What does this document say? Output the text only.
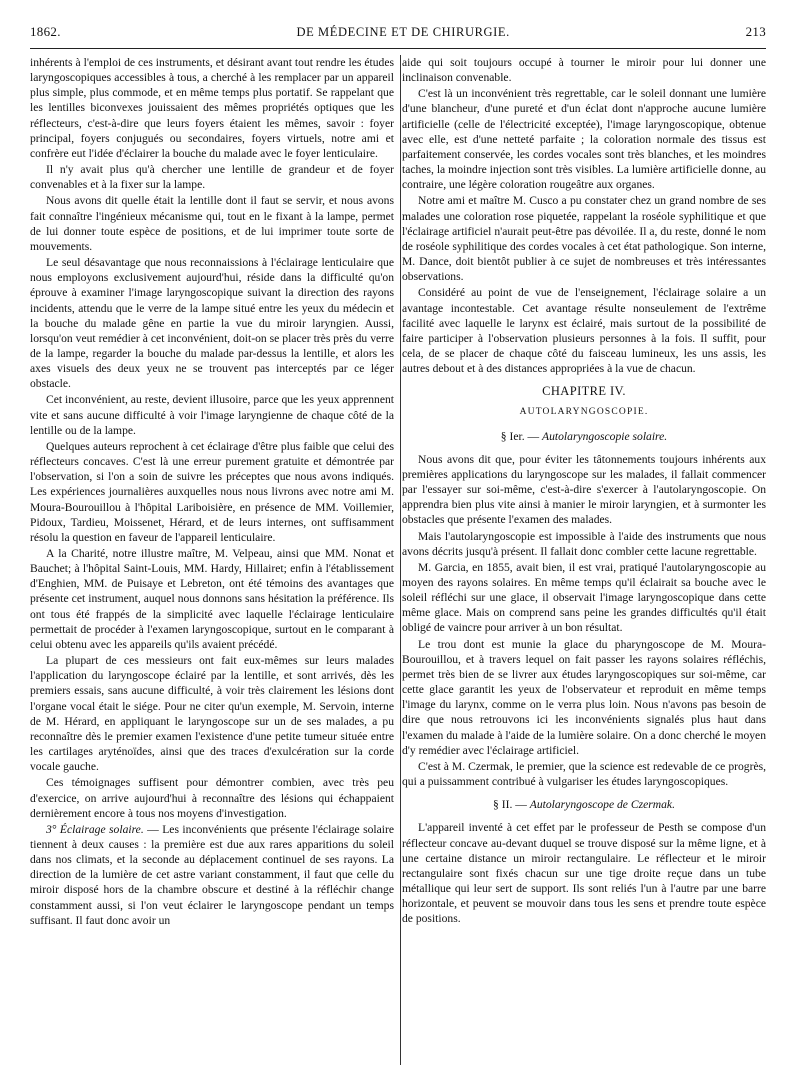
1862.	DE MÉDECINE ET DE CHIRURGIE.	213

inhérents à l'emploi de ces instruments, et désirant avant tout rendre les études laryngoscopiques accessibles à tous, a cherché à les remplacer par un appareil plus simple, plus commode, et en même temps plus portatif. Se rappelant que les lentilles biconvexes jouissaient des mêmes propriétés optiques que les réflecteurs, c'est-à-dire que leurs foyers étaient les mêmes, savoir : foyer principal, foyers conjugués ou secondaires, foyers virtuels, notre ami et confrère eut l'idée d'éclairer la bouche du malade avec le foyer lenticulaire.

Il n'y avait plus qu'à chercher une lentille de grandeur et de foyer convenables et à la fixer sur la lampe.

Nous avons dit quelle était la lentille dont il faut se servir, et nous avons fait connaître l'ingénieux mécanisme qui, tout en le fixant à la lampe, permet de lui donner toute espèce de positions, et de lui imprimer toute sorte de mouvements.

Le seul désavantage que nous reconnaissions à l'éclairage lenticulaire que nous employons exclusivement aujourd'hui, réside dans la difficulté qu'on éprouve à examiner l'image laryngoscopique suivant la direction des rayons incidents, attendu que le verre de la lampe situé entre les yeux du médecin et la bouche du malade gêne en partie la vue du miroir laryngien. Aussi, lorsqu'on veut remédier à cet inconvénient, doit-on se placer très près du verre de la lampe, regarder la bouche du malade par-dessus la lentille, et alors les axes visuels des deux yeux ne se trouvent pas interceptés par ce léger obstacle.

Cet inconvénient, au reste, devient illusoire, parce que les yeux apprennent vite et sans aucune difficulté à voir l'image laryngienne de chaque côté de la lentille ou de la lampe.

Quelques auteurs reprochent à cet éclairage d'être plus faible que celui des réflecteurs concaves. C'est là une erreur purement gratuite et démontrée par l'observation, si l'on a soin de suivre les préceptes que nous avons indiqués. Les expériences journalières auxquelles nous nous livrons avec notre ami M. Moura-Bourouillou à l'hôpital Lariboisière, en présence de MM. Voillemier, Pidoux, Tardieu, Moissenet, Hérard, et de leurs internes, ont suffisamment résolu la question en faveur de l'appareil lenticulaire.

A la Charité, notre illustre maître, M. Velpeau, ainsi que MM. Nonat et Bauchet; à l'hôpital Saint-Louis, MM. Hardy, Hillairet; enfin à l'établissement d'Enghien, MM. de Puisaye et Lebreton, ont été témoins des avantages que présente cet instrument, auquel nous donnons sans hésitation la préférence. Ils ont tous été frappés de la simplicité avec laquelle l'éclairage lenticulaire permettait de procéder à l'examen laryngoscopique, surtout en le comparant à celui obtenu avec les appareils qu'ils avaient précédé.

La plupart de ces messieurs ont fait eux-mêmes sur leurs malades l'application du laryngoscope éclairé par la lentille, et sont arrivés, dès les premiers essais, sans aucune difficulté, à voir très clairement les lésions dont l'organe vocal était le siége. Pour ne citer qu'un exemple, M. Servoin, interne de M. Hérard, en appliquant le laryngoscope sur un de ses malades, a pu reconnaître dès le premier examen l'existence d'une petite tumeur située entre les cartilages aryténoïdes, ainsi que des traces d'exulcération sur la corde vocale gauche.

Ces témoignages suffisent pour démontrer combien, avec très peu d'exercice, on arrive aujourd'hui à reconnaître des lésions qui échappaient dernièrement encore à tous nos moyens d'investigation.

3° Éclairage solaire. — Les inconvénients que présente l'éclairage solaire tiennent à deux causes : la première est due aux rares apparitions du soleil dans nos climats, et la seconde au déplacement continuel de ses rayons. La direction de la lumière de cet astre variant constamment, il faut que celle du miroir disposé hors de la chambre obscure et destiné à la réfléchir change constamment aussi, si l'on veut éclairer le laryngoscope pendant un temps suffisant. Il faut donc avoir un

aide qui soit toujours occupé à tourner le miroir pour lui donner une inclinaison convenable.

C'est là un inconvénient très regrettable, car le soleil donnant une lumière d'une blancheur, d'une pureté et d'un éclat dont n'approche aucune lumière artificielle (celle de l'électricité exceptée), l'image laryngoscopique, obtenue avec elle, est d'une netteté parfaite ; la coloration normale des tissus est parfaitement conservée, les cordes vocales sont très blanches, et les moindres taches, la moindre injection sont très visibles. La lumière artificielle donne, au contraire, une légère coloration rougeâtre aux organes.

Notre ami et maître M. Cusco a pu constater chez un grand nombre de ses malades une coloration rose piquetée, rappelant la roséole syphilitique et que l'éclairage artificiel n'aurait peut-être pas dévoilée. Il a, du reste, donné le nom de roséole syphilitique des cordes vocales à cet état pathologique. Son interne, M. Dance, doit bientôt publier à ce sujet de nombreuses et très intéressantes observations.

Considéré au point de vue de l'enseignement, l'éclairage solaire a un avantage incontestable. Cet avantage résulte nonseulement de l'extrême facilité avec laquelle le larynx est éclairé, mais surtout de la possibilité de faire participer à l'observation plusieurs personnes à la fois. Il suffit, pour cela, de se placer de chaque côté du faisceau lumineux, les uns assis, les autres debout et à des distances appropriées à la vue de chacun.

CHAPITRE IV.
AUTOLARYNGOSCOPIE.
§ Ier. — Autolaryngoscopie solaire.

Nous avons dit que, pour éviter les tâtonnements toujours inhérents aux premières applications du laryngoscope sur les malades, il fallait commencer par l'essayer sur soi-même, c'est-à-dire s'exercer à l'autolaryngoscopie. On apprendra bien plus vite ainsi à manier le miroir laryngien, et à surmonter les obstacles que présente l'examen des malades.

Mais l'autolaryngoscopie est impossible à l'aide des instruments que nous avons décrits jusqu'à présent. Il fallait donc combler cette lacune regrettable.

M. Garcia, en 1855, avait bien, il est vrai, pratiqué l'autolaryngoscopie au moyen des rayons solaires. En même temps qu'il éclairait sa bouche avec le soleil réfléchi sur une glace, il observait l'image laryngoscopique dans cette même glace. Mais on comprend sans peine les grandes difficultés qu'il était obligé de vaincre pour arriver à un bon résultat.

Le trou dont est munie la glace du pharyngoscope de M. Moura-Bourouillou, et à travers lequel on fait passer les rayons solaires réfléchis, permet très bien de se livrer aux études laryngoscopiques sur soi-même, car cette glace garantit les yeux de l'observateur et reproduit en même temps l'image du larynx, comme on le verra plus loin. Nous n'avons pas besoin de dire que nous retrouvons ici les inconvénients signalés plus haut dans l'examen du malade à l'aide de la lumière solaire. On a donc cherché le moyen d'y remédier avec l'éclairage artificiel.

C'est à M. Czermak, le premier, que la science est redevable de ce progrès, qui a puissamment contribué à vulgariser les études laryngoscopiques.

§ II. — Autolaryngoscope de Czermak.

L'appareil inventé à cet effet par le professeur de Pesth se compose d'un réflecteur concave au-devant duquel se trouve disposé sur la même ligne, et à une certaine distance un miroir rectangulaire. Le réflecteur et le miroir rectangulaire sont fixés chacun sur une tige droite reçue dans un tube métallique qui leur sert de support. Ils sont reliés l'un à l'autre par une barre horizontale, et peuvent se mouvoir dans tous les sens et prendre toute espèce de positions.
